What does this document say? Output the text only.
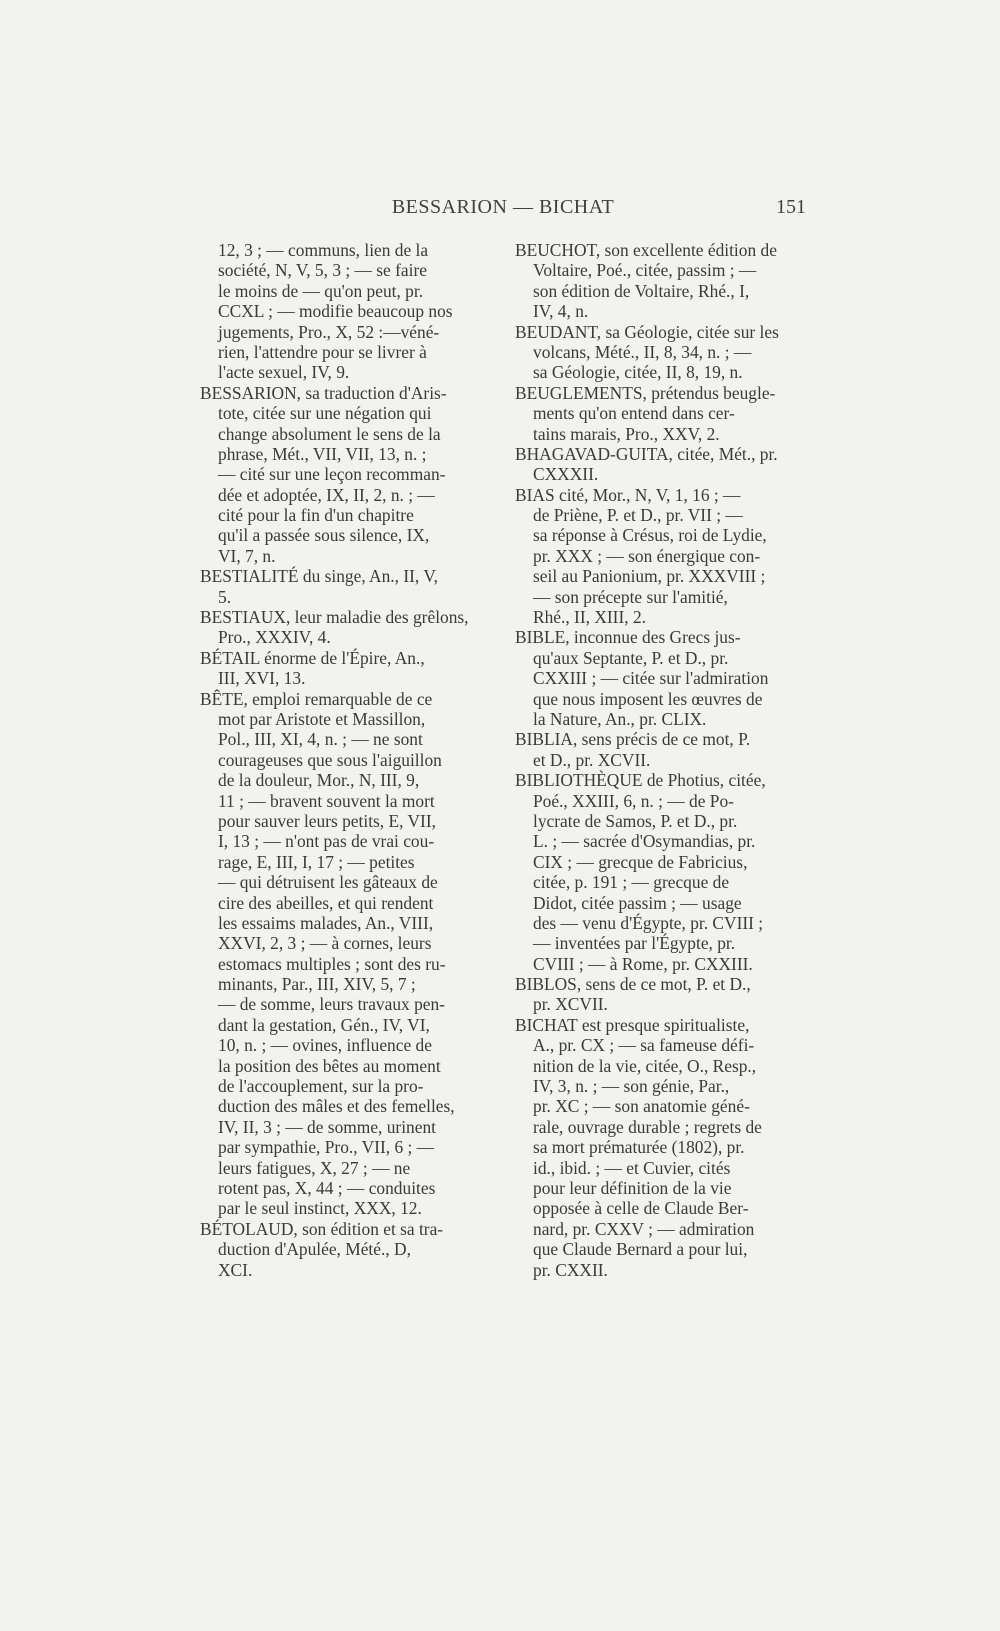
BESSARION — BICHAT	151
12, 3 ; — communs, lien de la
société, N, V, 5, 3 ; — se faire
le moins de — qu'on peut, pr.
CCXL ; — modifie beaucoup nos
jugements, Pro., X, 52 :—véné-
rien, l'attendre pour se livrer à
l'acte sexuel, IV, 9.
BESSARION, sa traduction d'Aris-
tote, citée sur une négation qui
change absolument le sens de la
phrase, Mét., VII, VII, 13, n. ;
— cité sur une leçon recomman-
dée et adoptée, IX, II, 2, n. ; —
cité pour la fin d'un chapitre
qu'il a passée sous silence, IX,
VI, 7, n.
BESTIALITÉ du singe, An., II, V,
5.
BESTIAUX, leur maladie des grêlons,
Pro., XXXIV, 4.
BÉTAIL énorme de l'Épire, An.,
III, XVI, 13.
BÊTE, emploi remarquable de ce
mot par Aristote et Massillon,
Pol., III, XI, 4, n. ; — ne sont
courageuses que sous l'aiguillon
de la douleur, Mor., N, III, 9,
11 ; — bravent souvent la mort
pour sauver leurs petits, E, VII,
I, 13 ; — n'ont pas de vrai cou-
rage, E, III, I, 17 ; — petites
— qui détruisent les gâteaux de
cire des abeilles, et qui rendent
les essaims malades, An., VIII,
XXVI, 2, 3 ; — à cornes, leurs
estomacs multiples ; sont des ru-
minants, Par., III, XIV, 5, 7 ;
— de somme, leurs travaux pen-
dant la gestation, Gén., IV, VI,
10, n. ; — ovines, influence de
la position des bêtes au moment
de l'accouplement, sur la pro-
duction des mâles et des femelles,
IV, II, 3 ; — de somme, urinent
par sympathie, Pro., VII, 6 ; —
leurs fatigues, X, 27 ; — ne
rotent pas, X, 44 ; — conduites
par le seul instinct, XXX, 12.
BÉTOLAUD, son édition et sa tra-
duction d'Apulée, Mété., D,
XCI.
BEUCHOT, son excellente édition de
Voltaire, Poé., citée, passim ; —
son édition de Voltaire, Rhé., I,
IV, 4, n.
BEUDANT, sa Géologie, citée sur les
volcans, Mété., II, 8, 34, n. ; —
sa Géologie, citée, II, 8, 19, n.
BEUGLEMENTS, prétendus beugle-
ments qu'on entend dans cer-
tains marais, Pro., XXV, 2.
BHAGAVAD-GUITA, citée, Mét., pr.
CXXXII.
BIAS cité, Mor., N, V, 1, 16 ; —
de Priène, P. et D., pr. VII ; —
sa réponse à Crésus, roi de Lydie,
pr. XXX ; — son énergique con-
seil au Panionium, pr. XXXVIII ;
— son précepte sur l'amitié,
Rhé., II, XIII, 2.
BIBLE, inconnue des Grecs jus-
qu'aux Septante, P. et D., pr.
CXXIII ; — citée sur l'admiration
que nous imposent les œuvres de
la Nature, An., pr. CLIX.
BIBLIA, sens précis de ce mot, P.
et D., pr. XCVII.
BIBLIOTHÈQUE de Photius, citée,
Poé., XXIII, 6, n. ; — de Po-
lycrate de Samos, P. et D., pr.
L. ; — sacrée d'Osymandias, pr.
CIX ; — grecque de Fabricius,
citée, p. 191 ; — grecque de
Didot, citée passim ; — usage
des — venu d'Égypte, pr. CVIII ;
— inventées par l'Égypte, pr.
CVIII ; — à Rome, pr. CXXIII.
BIBLOS, sens de ce mot, P. et D.,
pr. XCVII.
BICHAT est presque spiritualiste,
A., pr. CX ; — sa fameuse défi-
nition de la vie, citée, O., Resp.,
IV, 3, n. ; — son génie, Par.,
pr. XC ; — son anatomie géné-
rale, ouvrage durable ; regrets de
sa mort prématurée (1802), pr.
id., ibid. ; — et Cuvier, cités
pour leur définition de la vie
opposée à celle de Claude Ber-
nard, pr. CXXV ; — admiration
que Claude Bernard a pour lui,
pr. CXXII.
